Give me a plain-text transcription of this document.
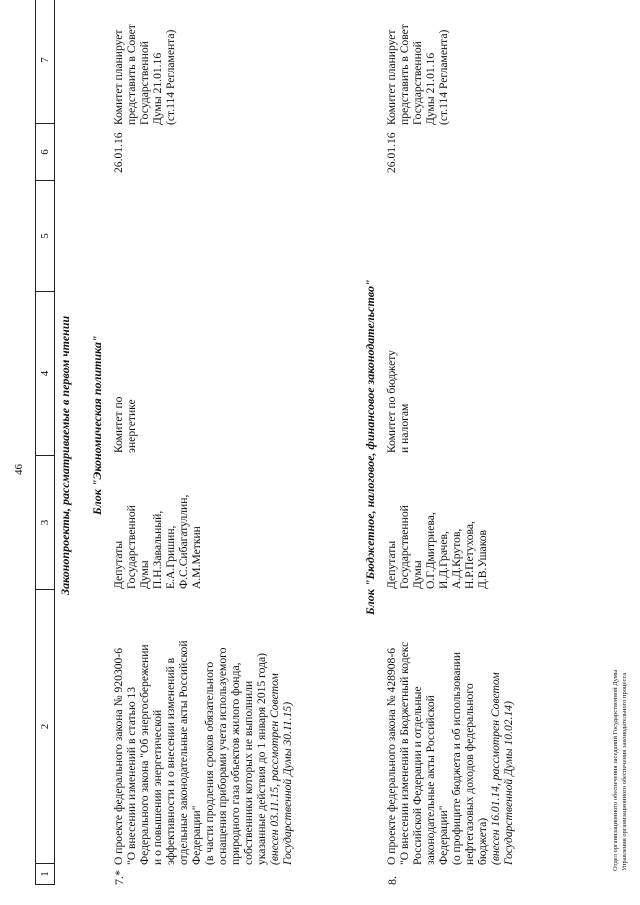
46
1
2
3
4
5
6
7
Законопроекты, рассматриваемые в первом чтении Блок "Экономическая политика"
7.*
О проекте федерального закона № 920300-6 "О внесении изменений в статью 13 Федерального закона "Об энергосбережении и о повышении энергетической эффективности и о внесении изменений в отдельные законодательные акты Российской Федерации" (в части продления сроков обязательного оснащения приборами учета используемого природного газа объектов жилого фонда, собственники которых не выполнили указанные действия до 1 января 2015 года) (внесен 03.11.15, рассмотрен Советом Государственной Думы 30.11.15)
Депутаты Государственной Думы П.Н.Завальный, Е.А.Гришин, Ф.С.Сибагатуллин, А.М.Меткин
Комитет по энергетике
26.01.16
Комитет планирует представить в Совет Государственной Думы 21.01.16 (ст.114 Регламента)
Блок "Бюджетное, налоговое, финансовое законодательство"
8.
О проекте федерального закона № 428908-6 "О внесении изменений в Бюджетный кодекс Российской Федерации и отдельные законодательные акты Российской Федерации" (о профиците бюджета и об использовании нефтегазовых доходов федерального бюджета) (внесен 16.01.14, рассмотрен Советом Государственной Думы 10.02.14)
Депутаты Государственной Думы О.Г.Дмитриева, И.Д.Грачев, А.Д.Крутов, Н.Р.Петухова, Д.В.Ушаков
Комитет по бюджету и налогам
26.01.16
Комитет планирует представить в Совет Государственной Думы 21.01.16 (ст.114 Регламента)
Отдел организационного обеспечения заседаний Государственной Думы Управления организационного обеспечения законодательного процесса
